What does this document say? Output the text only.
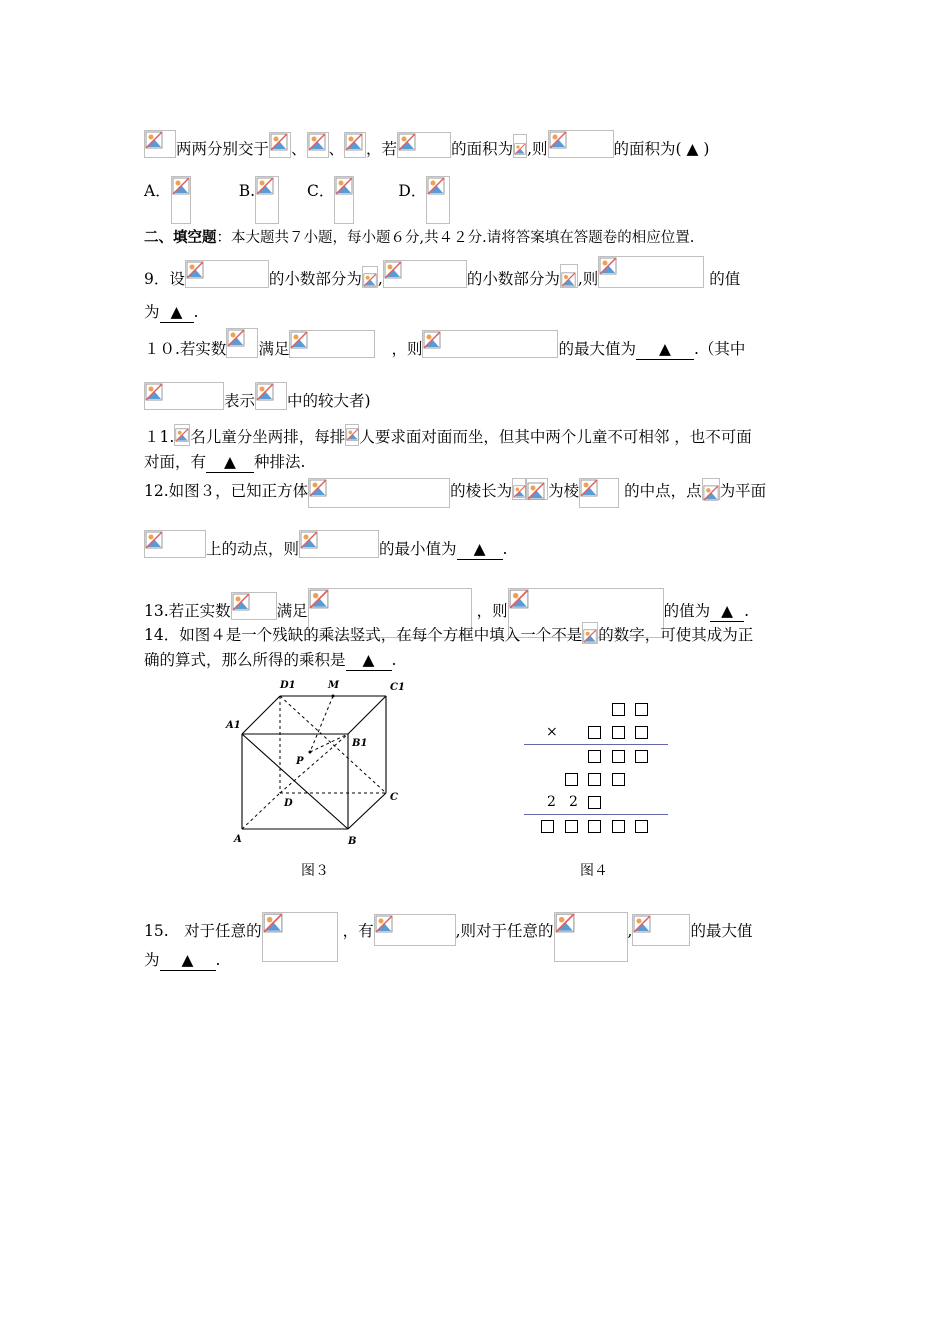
两两分别交于 、 、 ，若	的面积为 ,则	的面积为( ▲ )
A．	B.	C．	D．
二、填空题：本大题共７小题，每小题６分,共４２分.请将答案填在答题卷的相应位置.
9．设	的小数部分为 ,	的小数部分为 ,则	的值
为 ▲ .
１０.若实数 满足	，则	的最大值为 ▲ .（其中
表示 中的较大者)
１1. 名儿童分坐两排，每排 人要求面对面而坐，但其中两个儿童不可相邻 ，也不可面
对面，有 ▲ 种排法.
12.如图３，已知正方体	的棱长为 为棱	的中点，点 为平面
上的动点，则	的最小值为 ▲ .
13.若正实数	满足	，则	的值为 ▲ .
14．如图４是一个残缺的乘法竖式，在每个方框中填入一个不是 的数字，可使其成为正
确的算式，那么所得的乘积是 ▲ .
D1	M	C1
A1
B1
P
D
C
A	B
图３
×
2 2
图４
15.　对于任意的	，有	,则对于任意的	,	的最大值
为 ▲ .
